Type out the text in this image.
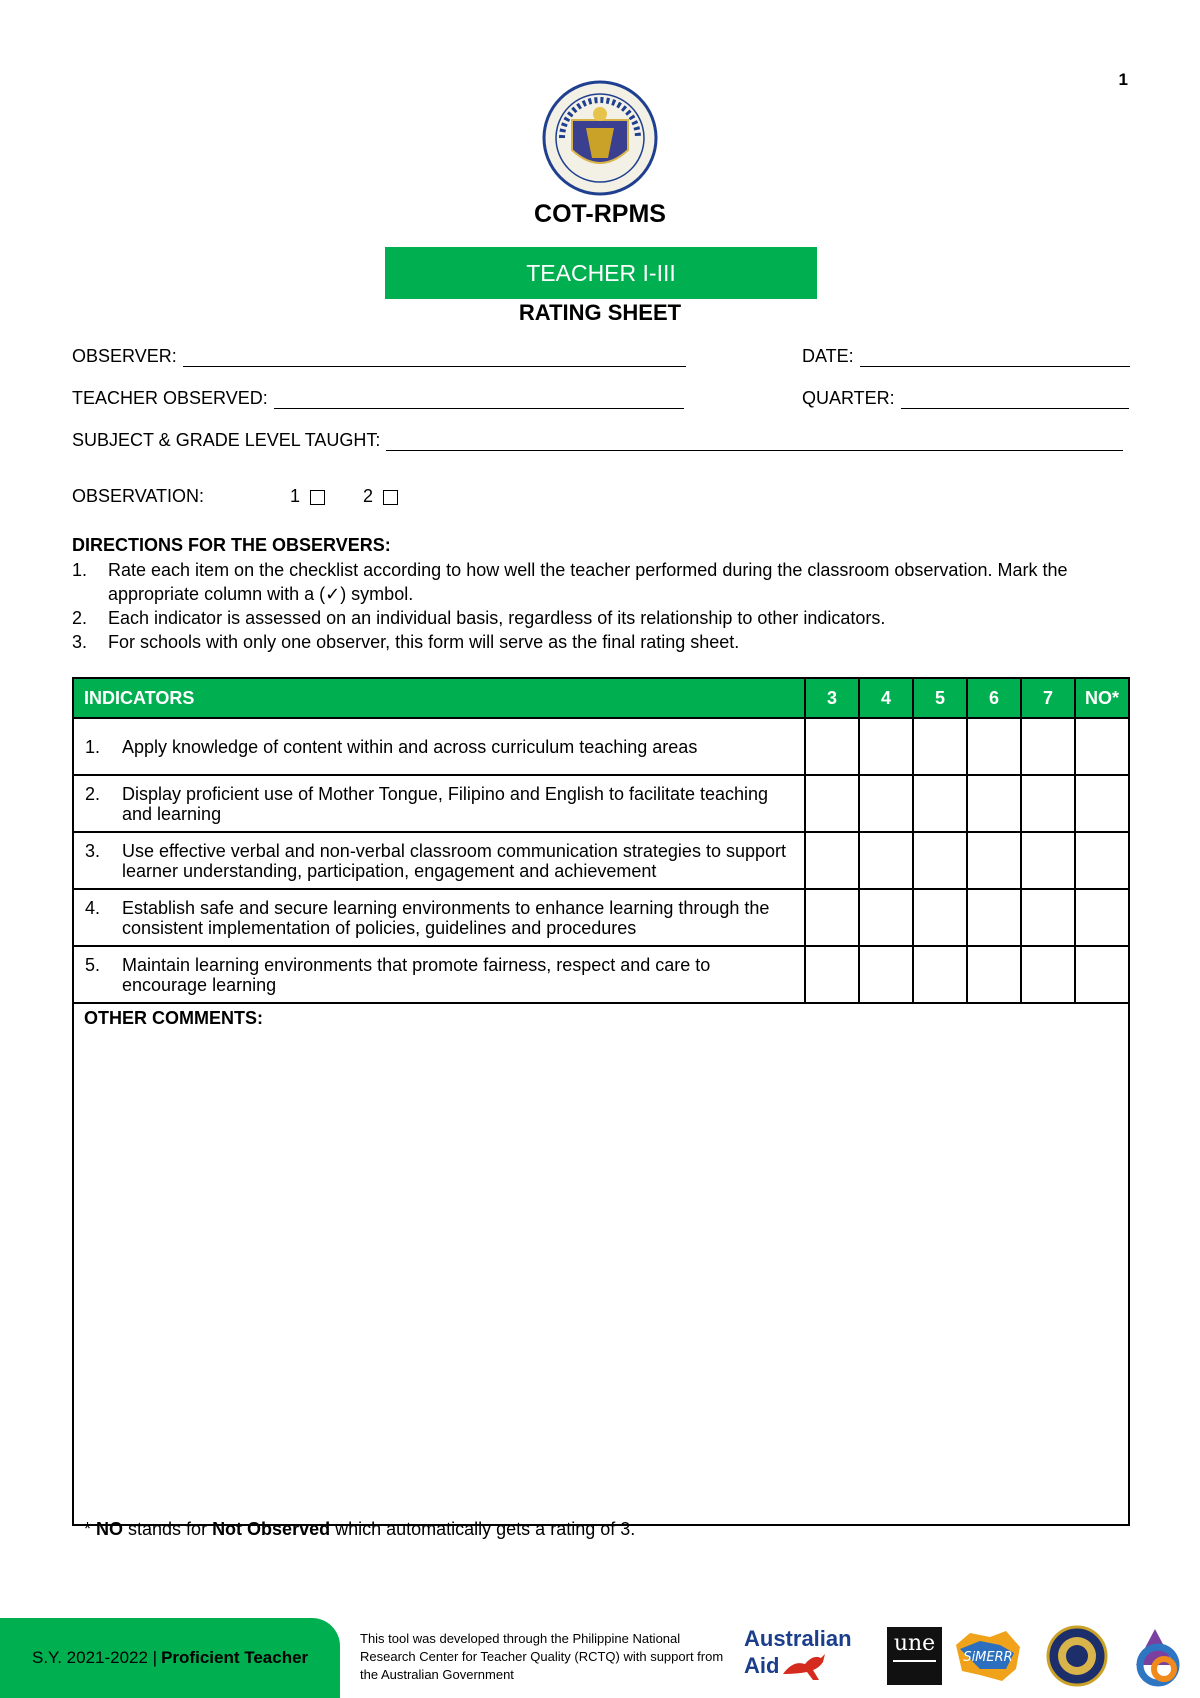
1
COT-RPMS
TEACHER I-III
RATING SHEET
OBSERVER:	DATE:
TEACHER OBSERVED:	QUARTER:
SUBJECT & GRADE LEVEL TAUGHT:
OBSERVATION:	1	2
DIRECTIONS FOR THE OBSERVERS:
1.	Rate each item on the checklist according to how well the teacher performed during the classroom observation. Mark the appropriate column with a (✓) symbol.
2.	Each indicator is assessed on an individual basis, regardless of its relationship to other indicators.
3.	For schools with only one observer, this form will serve as the final rating sheet.
INDICATORS	3	4	5	6	7	NO*

1. Apply knowledge of content within and across curriculum teaching areas						

2. Display proficient use of Mother Tongue, Filipino and English to facilitate teaching and learning						

3. Use effective verbal and non-verbal classroom communication strategies to support learner understanding, participation, engagement and achievement						

4. Establish safe and secure learning environments to enhance learning through the consistent implementation of policies, guidelines and procedures						

5. Maintain learning environments that promote fairness, respect and care to encourage learning						

OTHER COMMENTS:						
* NO stands for Not Observed which automatically gets a rating of 3.
S.Y. 2021-2022 | Proficient Teacher
This tool was developed through the Philippine National Research Center for Teacher Quality (RCTQ) with support from the Australian Government
Australian
Aid
une
SiMERR
